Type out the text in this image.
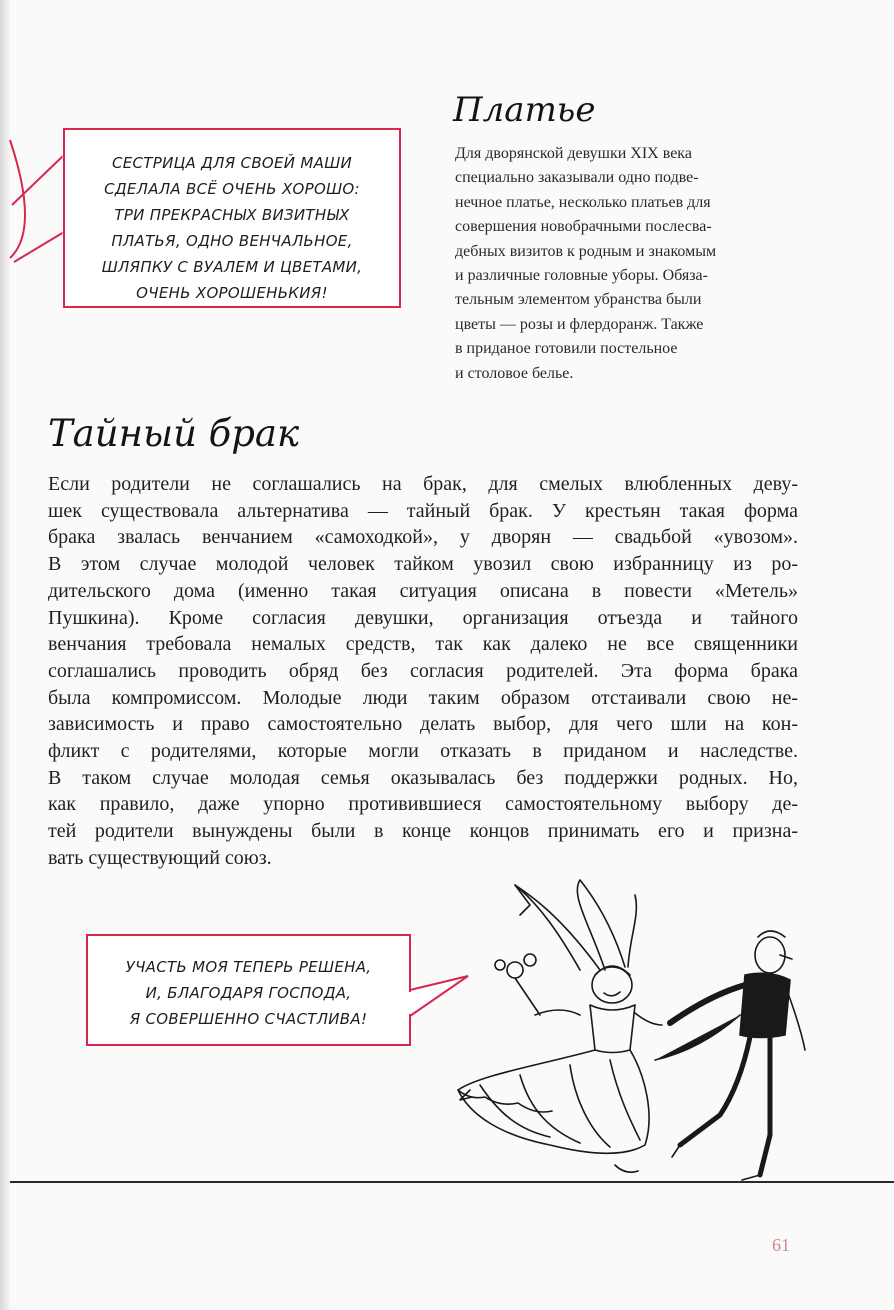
СЕСТРИЦА ДЛЯ СВОЕЙ МАШИ
СДЕЛАЛА ВСЁ ОЧЕНЬ ХОРОШО:
ТРИ ПРЕКРАСНЫХ ВИЗИТНЫХ
ПЛАТЬЯ, ОДНО ВЕНЧАЛЬНОЕ,
ШЛЯПКУ С ВУАЛЕМ И ЦВЕТАМИ,
ОЧЕНЬ ХОРОШЕНЬКИЯ!
Платье
Для дворянской девушки XIX века
специально заказывали одно подве-
нечное платье, несколько платьев для
совершения новобрачными послесва-
дебных визитов к родным и знакомым
и различные головные уборы. Обяза-
тельным элементом убранства были
цветы — розы и флердоранж. Также
в приданое готовили постельное
и столовое белье.
Тайный брак
Если родители не соглашались на брак, для смелых влюбленных деву-
шек существовала альтернатива — тайный брак. У крестьян такая форма
брака звалась венчанием «самоходкой», у дворян — свадьбой «увозом».
В этом случае молодой человек тайком увозил свою избранницу из ро-
дительского дома (именно такая ситуация описана в повести «Метель»
Пушкина). Кроме согласия девушки, организация отъезда и тайного
венчания требовала немалых средств, так как далеко не все священники
соглашались проводить обряд без согласия родителей. Эта форма брака
была компромиссом. Молодые люди таким образом отстаивали свою не-
зависимость и право самостоятельно делать выбор, для чего шли на кон-
фликт с родителями, которые могли отказать в приданом и наследстве.
В таком случае молодая семья оказывалась без поддержки родных. Но,
как правило, даже упорно противившиеся самостоятельному выбору де-
тей родители вынуждены были в конце концов принимать его и призна-
вать существующий союз.
УЧАСТЬ МОЯ ТЕПЕРЬ РЕШЕНА,
И, БЛАГОДАРЯ ГОСПОДА,
Я СОВЕРШЕННО СЧАСТЛИВА!
61
